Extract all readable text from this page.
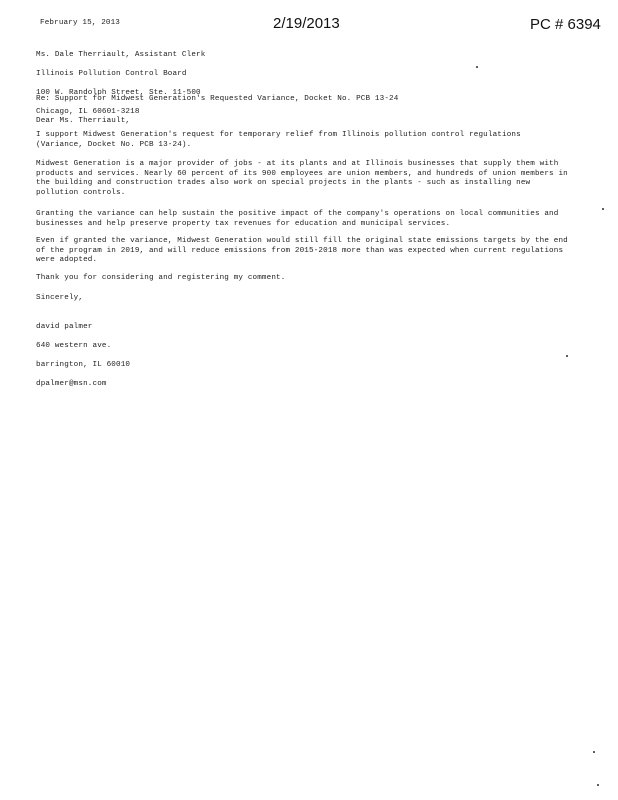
February 15, 2013	2/19/2013	PC # 6394

Ms. Dale Therriault, Assistant Clerk

Illinois Pollution Control Board

100 W. Randolph Street, Ste. 11-500

Chicago, IL 60601-3218

Re: Support for Midwest Generation's Requested Variance, Docket No. PCB 13-24
Dear Ms. Therriault,
I support Midwest Generation's request for temporary relief from Illinois pollution control regulations
(Variance, Docket No. PCB 13-24).
Midwest Generation is a major provider of jobs - at its plants and at Illinois businesses that supply them with
products and services. Nearly 60 percent of its 900 employees are union members, and hundreds of union members in
the building and construction trades also work on special projects in the plants - such as installing new
pollution controls.
Granting the variance can help sustain the positive impact of the company's operations on local communities and
businesses and help preserve property tax revenues for education and municipal services.
Even if granted the variance, Midwest Generation would still fill the original state emissions targets by the end
of the program in 2019, and will reduce emissions from 2015-2018 more than was expected when current regulations
were adopted.
Thank you for considering and registering my comment.
Sincerely,

david palmer

640 western ave.

barrington, IL 60010

dpalmer@msn.com
